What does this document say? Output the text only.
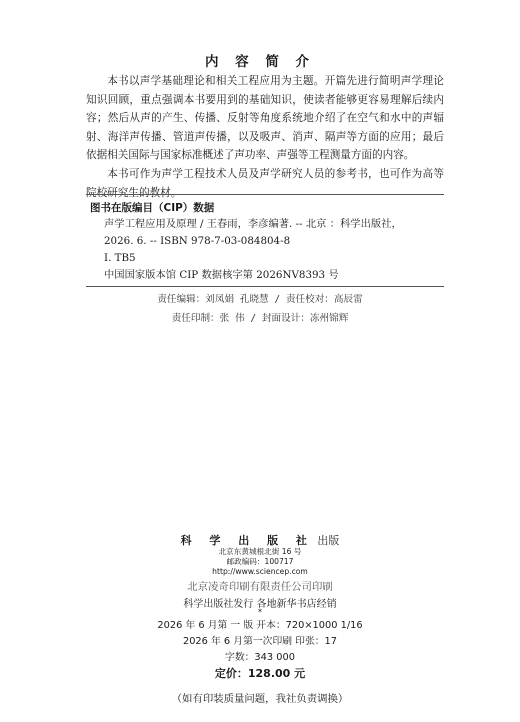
内 容 简 介

本书以声学基础理论和相关工程应用为主题。开篇先进行简明声学理论知识回顾，重点强调本书要用到的基础知识，使读者能够更容易理解后续内容；然后从声的产生、传播、反射等角度系统地介绍了在空气和水中的声辐射、海洋声传播、管道声传播，以及吸声、消声、隔声等方面的应用；最后依据相关国际与国家标准概述了声功率、声强等工程测量方面的内容。

本书可作为声学工程技术人员及声学研究人员的参考书，也可作为高等院校研究生的教材。

图书在版编目（CIP）数据
声学工程应用及原理 / 王春雨，李彦编著. -- 北京 ：科学出版社，
2026. 6. -- ISBN 978-7-03-084804-8
Ⅰ. TB5
中国国家版本馆 CIP 数据核字第 2026NV8393 号
责任编辑：刘凤娟 孔晓慧 / 责任校对：高辰雷
责任印制：张 伟 / 封面设计：冻州锦辉
科 学 出 版 社 出版
北京东黄城根北街 16 号
邮政编码：100717
http://www.sciencep.com
北京凌奇印刷有限责任公司印刷
科学出版社发行 各地新华书店经销
*
2026 年 6 月第 一 版 开本：720×1000 1/16
2026 年 6 月第一次印刷 印张：17
字数：343 000
定价：128.00 元
（如有印装质量问题，我社负责调换）
